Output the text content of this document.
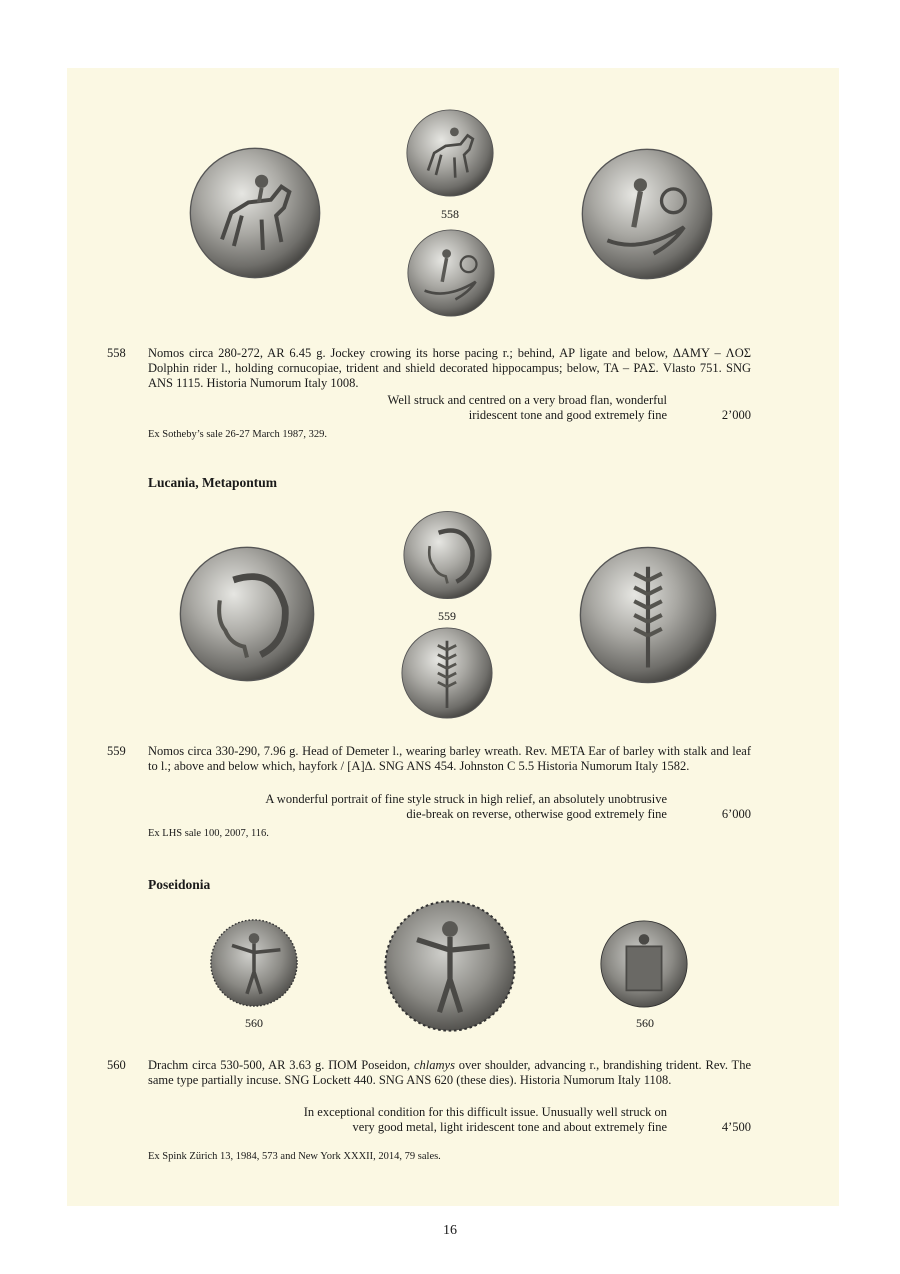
558
558 Nomos circa 280-272, AR 6.45 g. Jockey crowing its horse pacing r.; behind, AP ligate and below, ΔAMY – ΛOΣ Dolphin rider l., holding cornucopiae, trident and shield decorated hippocampus; below, TA – PAΣ. Vlasto 751. SNG ANS 1115. Historia Numorum Italy 1008.
Well struck and centred on a very broad flan, wonderful
iridescent tone and good extremely fine	2’000
Ex Sotheby’s sale 26-27 March 1987, 329.
Lucania, Metapontum
559
559 Nomos circa 330-290, 7.96 g. Head of Demeter l., wearing barley wreath. Rev. META Ear of barley with stalk and leaf to l.; above and below which, hayfork / [A]Δ. SNG ANS 454. Johnston C 5.5 Historia Numorum Italy 1582.
A wonderful portrait of fine style struck in high relief, an absolutely unobtrusive
die-break on reverse, otherwise good extremely fine	6’000
Ex LHS sale 100, 2007, 116.
Poseidonia
560	560
560 Drachm circa 530-500, AR 3.63 g. ΠOM Poseidon, chlamys over shoulder, advancing r., brandishing trident. Rev. The same type partially incuse. SNG Lockett 440. SNG ANS 620 (these dies). Historia Numorum Italy 1108.
In exceptional condition for this difficult issue. Unusually well struck on
very good metal, light iridescent tone and about extremely fine	4’500
Ex Spink Zürich 13, 1984, 573 and New York XXXII, 2014, 79 sales.
16
